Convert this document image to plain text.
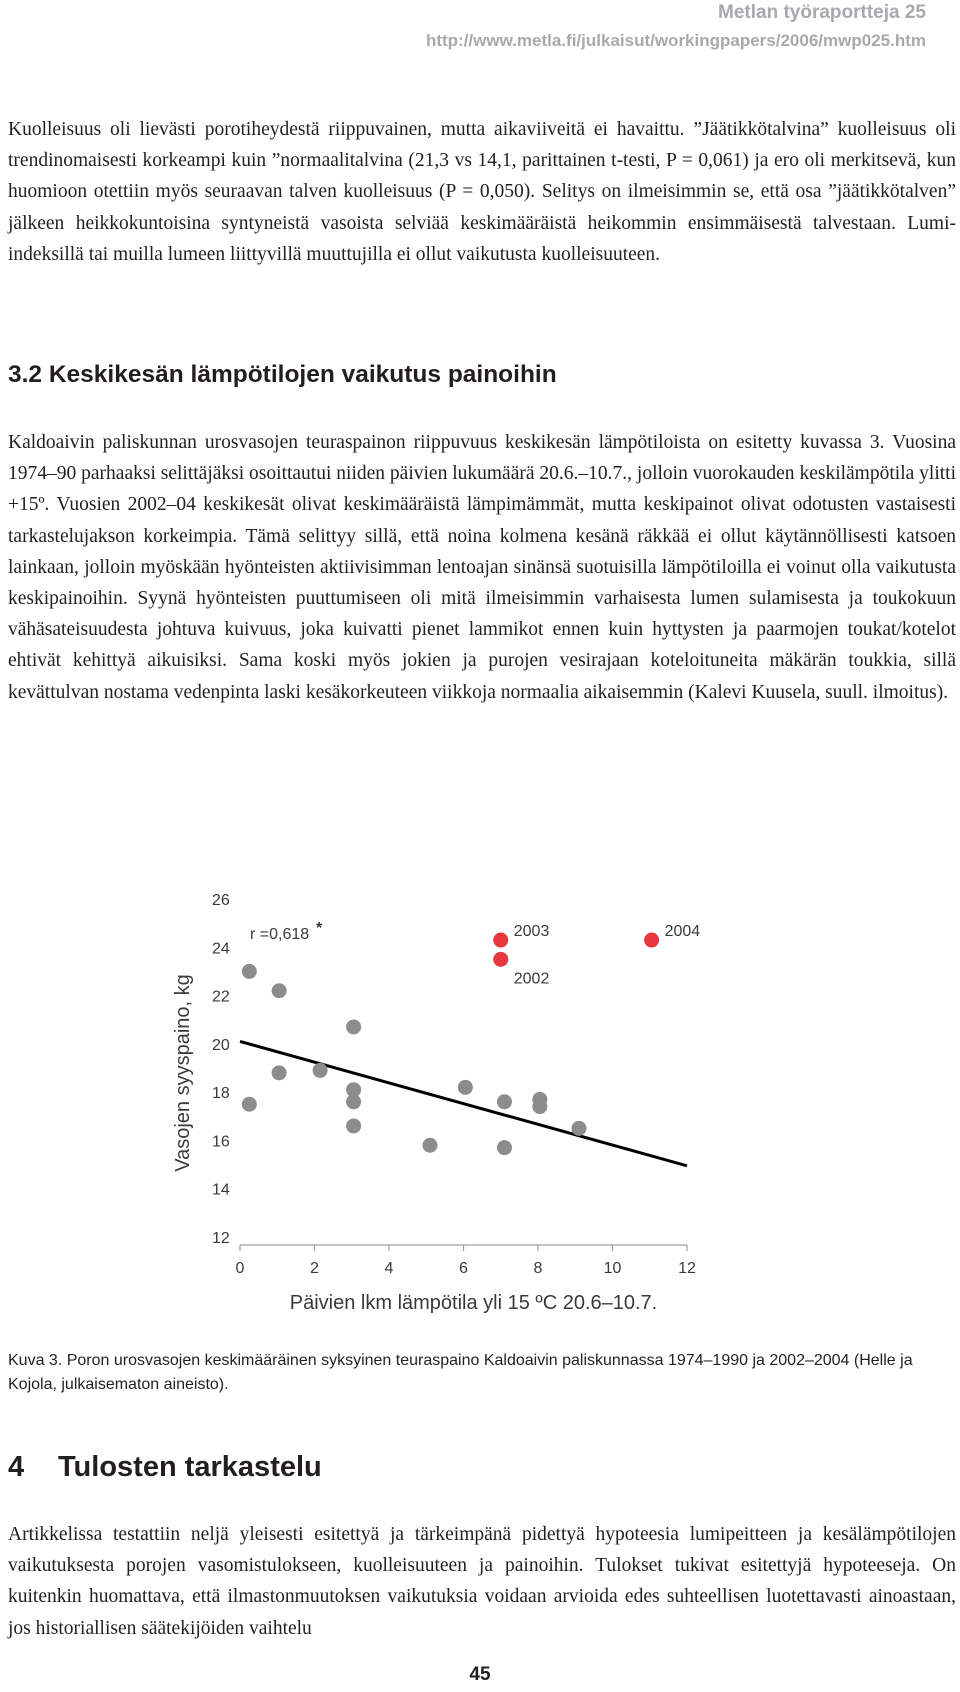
Metlan työraportteja 25
http://www.metla.fi/julkaisut/workingpapers/2006/mwp025.htm

Kuolleisuus oli lievästi porotiheydestä riippuvainen, mutta aikaviiveitä ei havaittu. ”Jäätikkötalvina” kuolleisuus oli trendinomaisesti korkeampi kuin ”normaalitalvina (21,3 vs 14,1, parittainen t-testi, P = 0,061) ja ero oli merkitsevä, kun huomioon otettiin myös seuraavan talven kuolleisuus (P = 0,050). Selitys on ilmeisimmin se, että osa ”jäätikkötalven” jälkeen heikkokuntoisina syntyneistä vasoista selviää keskimääräistä heikommin ensimmäisestä talvestaan. Lumi-indeksillä tai muilla lumeen liittyvillä muuttujilla ei ollut vaikutusta kuolleisuuteen.

3.2 Keskikesän lämpötilojen vaikutus painoihin

Kaldoaivin paliskunnan urosvasojen teuraspainon riippuvuus keskikesän lämpötiloista on esitetty kuvassa 3. Vuosina 1974–90 parhaaksi selittäjäksi osoittautui niiden päivien lukumäärä 20.6.–10.7., jolloin vuorokauden keskilämpötila ylitti +15º. Vuosien 2002–04 keskikesät olivat keskimääräistä lämpimämmät, mutta keskipainot olivat odotusten vastaisesti tarkastelujakson korkeimpia. Tämä selittyy sillä, että noina kolmena kesänä räkkää ei ollut käytännöllisesti katsoen lainkaan, jolloin myöskään hyönteisten aktiivisimman lentoajan sinänsä suotuisilla lämpötiloilla ei voinut olla vaikutusta keskipainoihin. Syynä hyönteisten puuttumiseen oli mitä ilmeisimmin varhaisesta lumen sulamisesta ja toukokuun vähäsateisuudesta johtuva kuivuus, joka kuivatti pienet lammikot ennen kuin hyttysten ja paarmojen toukat/kotelot ehtivät kehittyä aikuisiksi. Sama koski myös jokien ja purojen vesirajaan koteloituneita mäkärän toukkia, sillä kevättulvan nostama vedenpinta laski kesäkorkeuteen viikkoja normaalia aikaisemmin (Kalevi Kuusela, suull. ilmoitus).

0	2	4	6	8	10	12
12
14
16
18
20
22
24
26
Päivien lkm lämpötila yli 15 ºC 20.6–10.7.
Vasojen syyspaino, kg
r =0,618 *	2003
2002
2004

Kuva 3. Poron urosvasojen keskimääräinen syksyinen teuraspaino Kaldoaivin paliskunnassa 1974–1990 ja 2002–2004 (Helle ja Kojola, julkaisematon aineisto).

4 Tulosten tarkastelu

Artikkelissa testattiin neljä yleisesti esitettyä ja tärkeimpänä pidettyä hypoteesia lumipeitteen ja kesälämpötilojen vaikutuksesta porojen vasomistulokseen, kuolleisuuteen ja painoihin. Tulokset tukivat esitettyjä hypoteeseja. On kuitenkin huomattava, että ilmastonmuutoksen vaikutuksia voidaan arvioida edes suhteellisen luotettavasti ainoastaan, jos historiallisen säätekijöiden vaihtelu

45
